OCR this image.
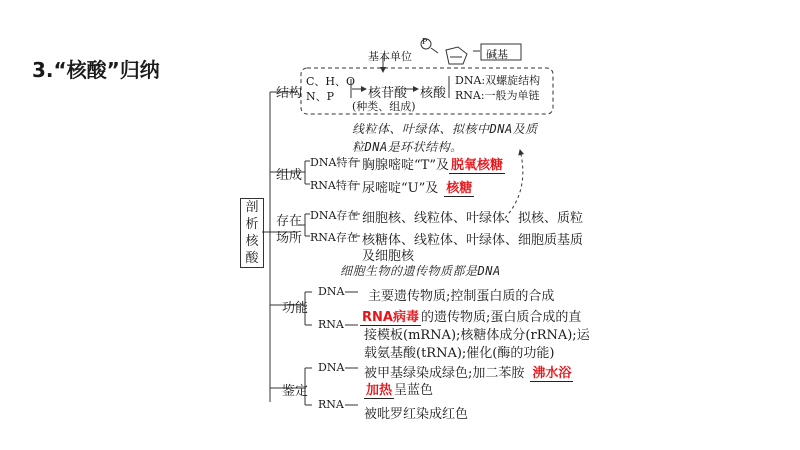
3.“核酸”归纳
剖析核酸
结构
基本单位
P
碱基
C、H、O
N、P	核苷酸 核酸
(种类、组成)
DNA:双螺旋结构
RNA:一般为单链
线粒体、叶绿体、拟核中DNA及质
粒DNA是环状结构。
组成
DNA特有
RNA特有
胸腺嘧啶“T”及 脱氧核糖
尿嘧啶“U”及 核糖
存在
场所
DNA存在
RNA存在
细胞核、线粒体、叶绿体、拟核、质粒
核糖体、线粒体、叶绿体、细胞质基质
及细胞核
细胞生物的遗传物质都是DNA
功能
DNA
RNA
主要遗传物质;控制蛋白质的合成
RNA病毒 的遗传物质;蛋白质合成的直
接模板(mRNA);核糖体成分(rRNA);运
载氨基酸(tRNA);催化(酶的功能)
鉴定
DNA
RNA
被甲基绿染成绿色;加二苯胺 沸水浴
加热 呈蓝色
被吡罗红染成红色
